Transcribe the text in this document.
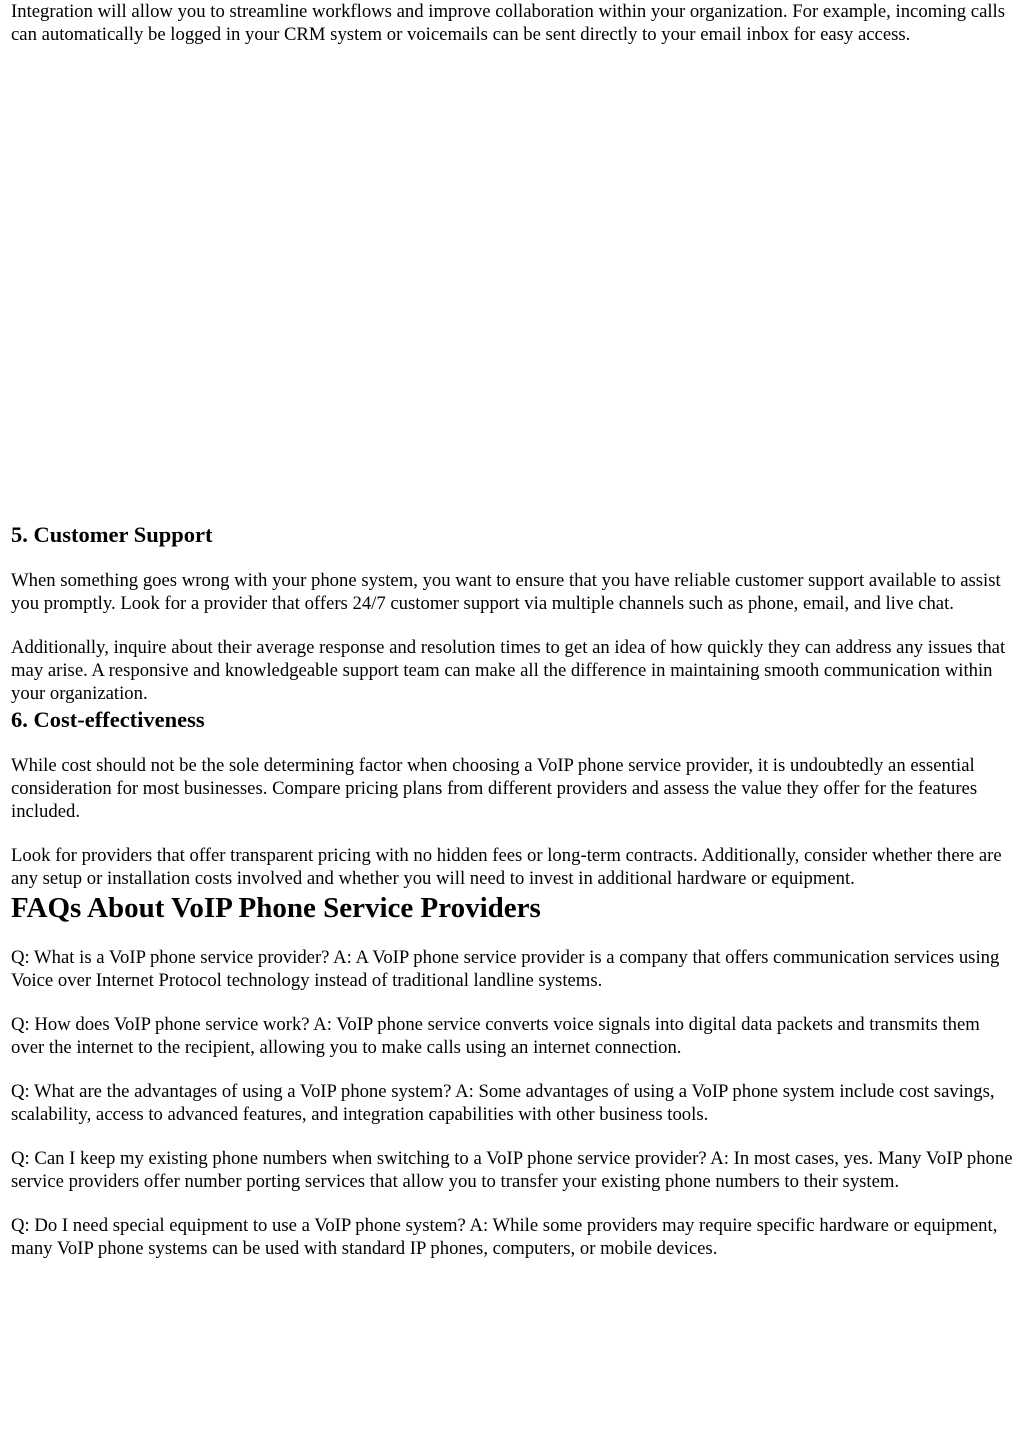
Integration will allow you to streamline workflows and improve collaboration within your organization. For example, incoming calls can automatically be logged in your CRM system or voicemails can be sent directly to your email inbox for easy access.

5. Customer Support

When something goes wrong with your phone system, you want to ensure that you have reliable customer support available to assist you promptly. Look for a provider that offers 24/7 customer support via multiple channels such as phone, email, and live chat.

Additionally, inquire about their average response and resolution times to get an idea of how quickly they can address any issues that may arise. A responsive and knowledgeable support team can make all the difference in maintaining smooth communication within your organization.

6. Cost-effectiveness

While cost should not be the sole determining factor when choosing a VoIP phone service provider, it is undoubtedly an essential consideration for most businesses. Compare pricing plans from different providers and assess the value they offer for the features included.

Look for providers that offer transparent pricing with no hidden fees or long-term contracts. Additionally, consider whether there are any setup or installation costs involved and whether you will need to invest in additional hardware or equipment.

FAQs About VoIP Phone Service Providers

Q: What is a VoIP phone service provider? A: A VoIP phone service provider is a company that offers communication services using Voice over Internet Protocol technology instead of traditional landline systems.

Q: How does VoIP phone service work? A: VoIP phone service converts voice signals into digital data packets and transmits them over the internet to the recipient, allowing you to make calls using an internet connection.

Q: What are the advantages of using a VoIP phone system? A: Some advantages of using a VoIP phone system include cost savings, scalability, access to advanced features, and integration capabilities with other business tools.

Q: Can I keep my existing phone numbers when switching to a VoIP phone service provider? A: In most cases, yes. Many VoIP phone service providers offer number porting services that allow you to transfer your existing phone numbers to their system.

Q: Do I need special equipment to use a VoIP phone system? A: While some providers may require specific hardware or equipment, many VoIP phone systems can be used with standard IP phones, computers, or mobile devices.
